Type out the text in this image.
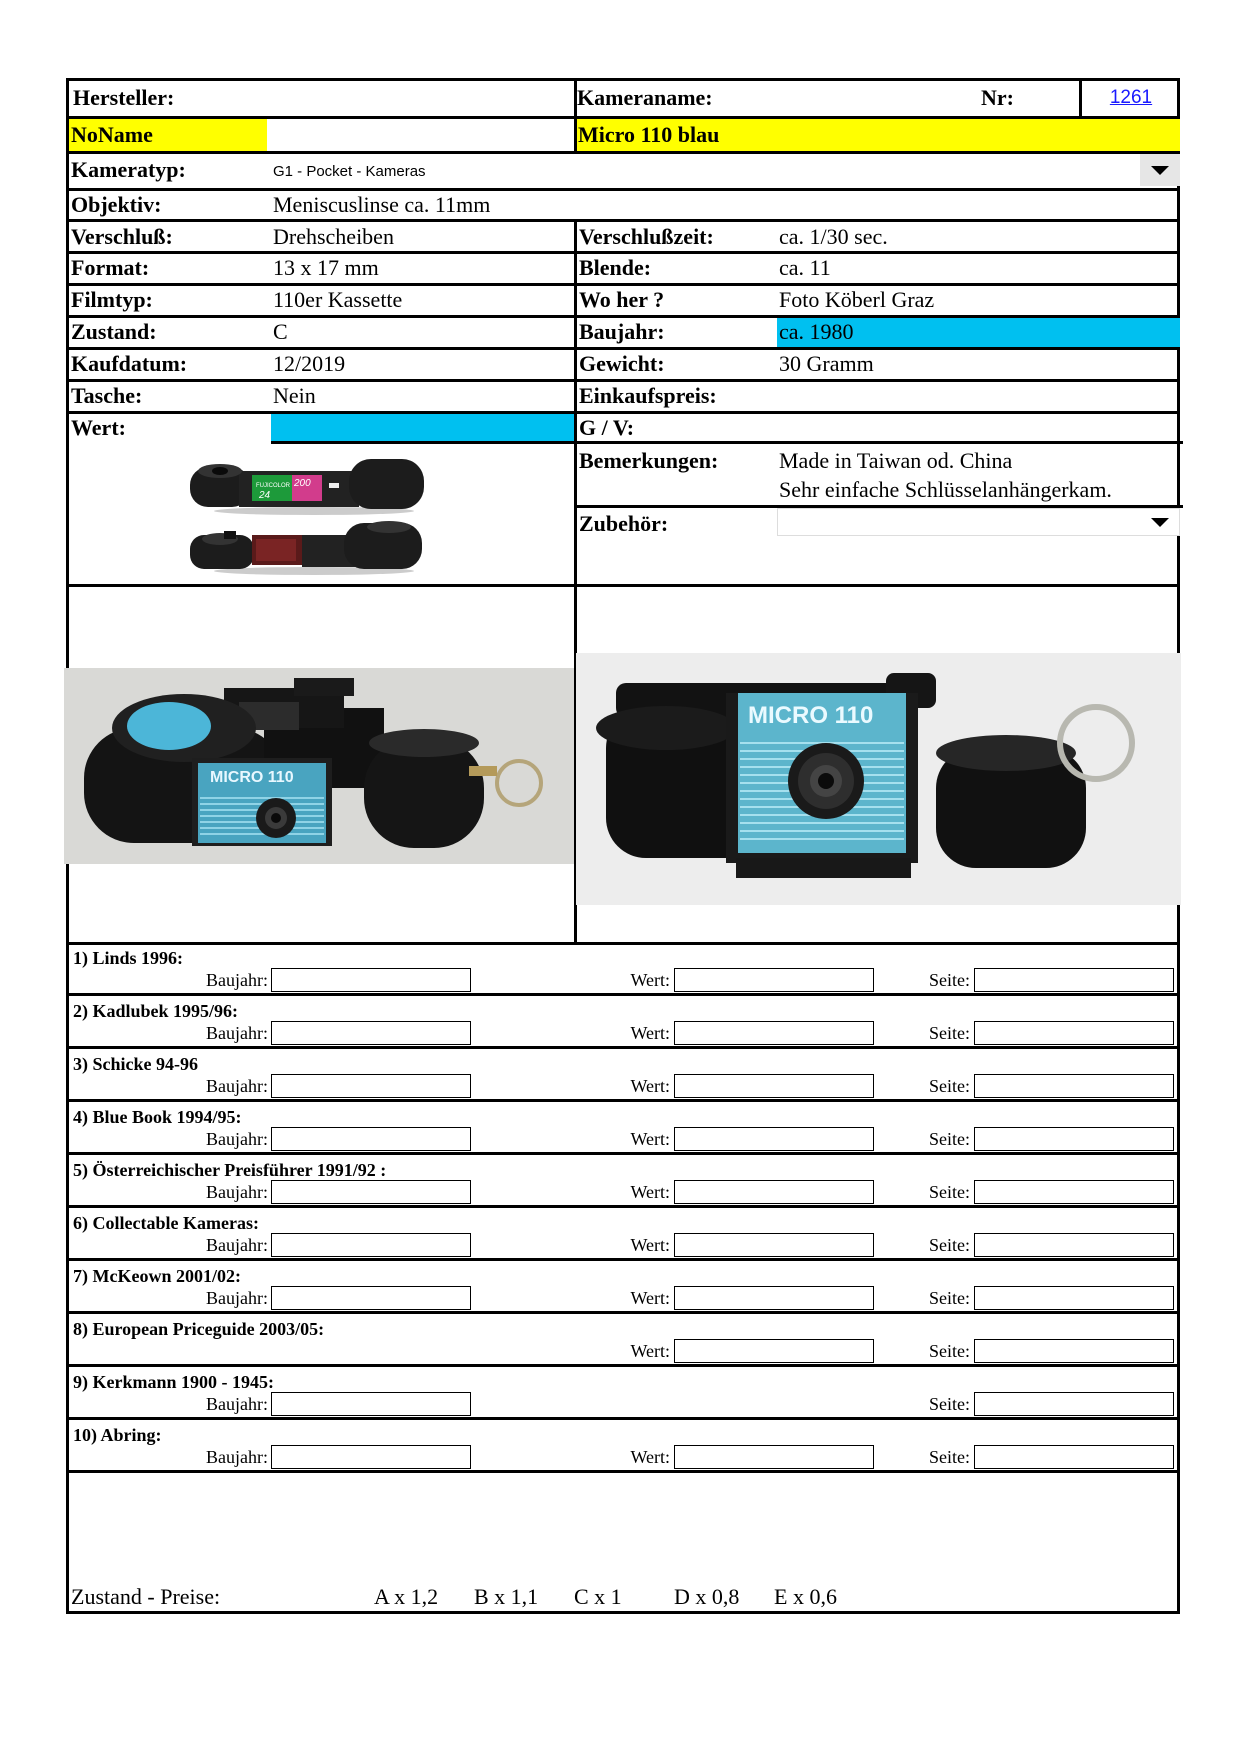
Hersteller:	Kameraname:	Nr:	1261
NoName	Micro 110 blau
Kameratyp:	G1 - Pocket - Kameras
Objektiv:	Meniscuslinse ca. 11mm
Verschluß:	Drehscheiben	Verschlußzeit:	ca. 1/30 sec.
Format:	13 x 17 mm	Blende:	ca. 11
Filmtyp:	110er Kassette	Wo her ?	Foto Köberl Graz
Zustand:	C	Baujahr:	ca. 1980
Kaufdatum:	12/2019	Gewicht:	30 Gramm
Tasche:	Nein	Einkaufspreis:
Wert:	G / V:
Bemerkungen:	Made in Taiwan od. China
Sehr einfache Schlüsselanhängerkam.
Zubehör:
FUJICOLOR 200
24
MICRO 110
MICRO 110
1) Linds 1996:
Baujahr:	Wert:	Seite:
2) Kadlubek 1995/96:
Baujahr:	Wert:	Seite:
3) Schicke 94-96
Baujahr:	Wert:	Seite:
4) Blue Book 1994/95:
Baujahr:	Wert:	Seite:
5) Österreichischer Preisführer 1991/92 :
Baujahr:	Wert:	Seite:
6) Collectable Kameras:
Baujahr:	Wert:	Seite:
7) McKeown 2001/02:
Baujahr:	Wert:	Seite:
8) European Priceguide 2003/05:
Wert:	Seite:
9) Kerkmann 1900 - 1945:
Baujahr:	Seite:
10) Abring:
Baujahr:	Wert:	Seite:
Zustand - Preise:	A x 1,2 B x 1,1 C x 1 D x 0,8 E x 0,6
